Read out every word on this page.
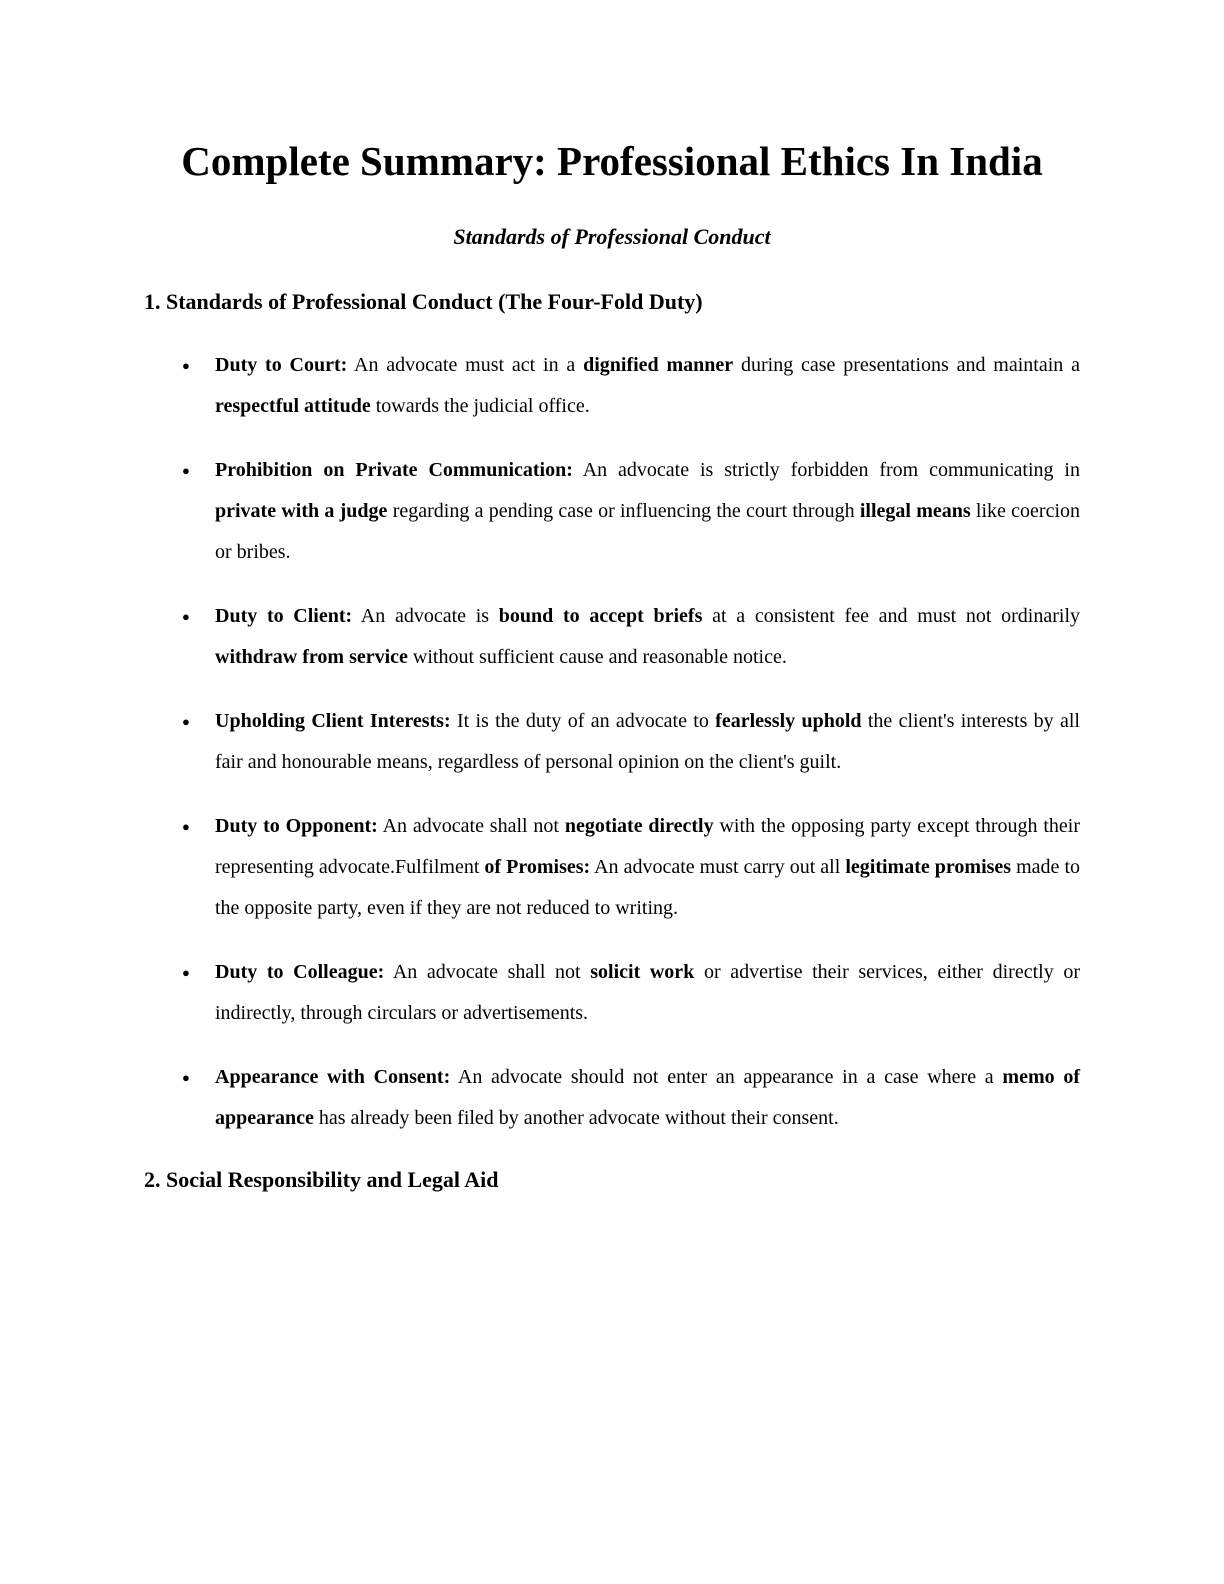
Complete Summary: Professional Ethics In India

Standards of Professional Conduct

1. Standards of Professional Conduct (The Four-Fold Duty)
● Duty to Court: An advocate must act in a dignified manner during case presentations and maintain a respectful attitude towards the judicial office.
● Prohibition on Private Communication: An advocate is strictly forbidden from communicating in private with a judge regarding a pending case or influencing the court through illegal means like coercion or bribes.
● Duty to Client: An advocate is bound to accept briefs at a consistent fee and must not ordinarily withdraw from service without sufficient cause and reasonable notice.
● Upholding Client Interests: It is the duty of an advocate to fearlessly uphold the client's interests by all fair and honourable means, regardless of personal opinion on the client's guilt.
● Duty to Opponent: An advocate shall not negotiate directly with the opposing party except through their representing advocate.Fulfilment of Promises: An advocate must carry out all legitimate promises made to the opposite party, even if they are not reduced to writing.
● Duty to Colleague: An advocate shall not solicit work or advertise their services, either directly or indirectly, through circulars or advertisements.
● Appearance with Consent: An advocate should not enter an appearance in a case where a memo of appearance has already been filed by another advocate without their consent.
2. Social Responsibility and Legal Aid
